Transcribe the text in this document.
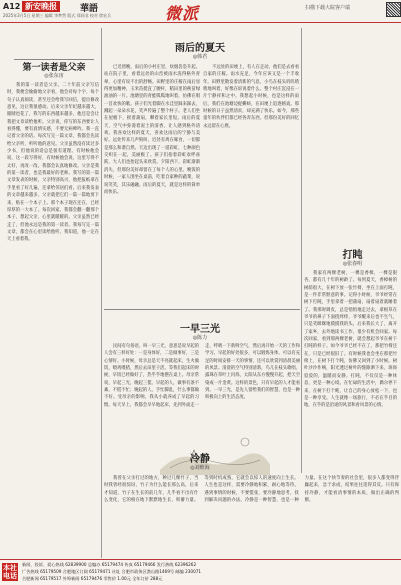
A12 新安晚报	華語
2025年3月5日 星期三 编辑 李梦然 版式 郑同非 校对 徐宏兵	微派	扫描下载大皖客户端
第一读者是父亲
◎张东宙
我的第一读者是父亲。二十年前父亲写信时，我便会偷偷地父亲看，他会对每个字、每个句子认真阅读，甚至还会给我写回信，提出修改意见，这让我很感动。后来父亲年纪越来越大，眼睛也花了，我写的东西越来越多，他还是会让我把文章读给他听。父亲说，你写的东西要让人看得懂，要有真情实感，不要无病呻吟。我一直记着父亲的话。每次写完一篇文章，我都会先读给父亲听，听听他的意见。父亲虽然没有读过多少书，但他说的话总是很有道理。有时候他会说，这一段写得好，有时候他会说，这里写得不太好，再改一改。我都会认真地修改。父亲是我的第一读者，也是我最好的老师。我写的第一篇文章发表的时候，父亲特别高兴，他把报纸拿在手里看了好几遍，还拿给邻居们看。后来我发表的文章越来越多，父亲就把它们一篇一篇地剪下来，贴在一个本子上。那个本子现在还在，已经厚厚的一大本了。每次回家，我都会翻一翻那个本子，想起父亲，心里就暖暖的。父亲虽然已经走了，但他永远是我的第一读者。我每写完一篇文章，都会在心里读给他听，我知道，他一定在天上看着我。
雨后的夏天
◎韩君
已近傍晚，雨后的小村庄里，炊烟袅袅升起。站在院子里，看着远处的山峦被雨水洗得格外青翠，心里有说不出的舒畅。田野里的庄稼在雨后显得更加精神，玉米苗挺直了腰杆，稻田里的秧苗绿油油的一片。池塘里的青蛙呱呱地叫着，仿佛在唱一首欢快的歌。孩子们光着脚在水洼里踩来踩去，溅起一朵朵水花，笑声传遍了整个村子。老人们坐在屋檐下，摇着蒲扇，聊着家长里短。雨后的夏天，空气中弥漫着泥土的清香，让人感到格外清爽。我喜欢这样的夏天，喜欢这雨后的宁静与美好。远处传来几声狗叫，近处有鸡在啄食，一切都是那么和谐自然。天边出现了一道彩虹，七种颜色交织在一起，美丽极了。孩子们指着彩虹欢呼雀跃，大人们也抬起头来欣赏。夕阳西下，彩虹渐渐消失，但那份美好却留在了每个人的心里。晚饭的时候，一家人围坐在桌前，吃着自家种的蔬菜，说说笑笑，其乐融融。雨后的夏天，就是这样的简单而快乐。
不远处的田埂上，有人在走动，他们是去看看自家的庄稼。雨水充足，今年应该又是一个丰收年。田野里散发着清新的气息，小鸟在枝头叽叽喳喳地叫着，好像在诉说着什么。整个村庄沉浸在一片宁静祥和之中。我想起小时候，也是这样的雨后，我们在池塘边捉蝌蚪，在田埂上追逐嬉戏。那时候的日子虽然清贫，却充满了快乐。如今，那些童年的伙伴们都已经各奔东西，但那份美好的回忆永远留在心底。
一早三光
◎陈力
民间有句俗语，叫一早三光，意思是说早起的人会有三样好处：一是身体好，二是做事好，三是心情好。小时候，母亲总是天不亮就起床，生火做饭，喂鸡喂猪，然后去田里干活。等我们起床的时候，早饭已经做好了，热乎乎地摆在桌上。母亲常说，早起三光，晚起三慌。早起的人，做事有条不紊，不慌不忙；晚起的人，手忙脚乱，什么事都做不好。受母亲的影响，我从小就养成了早起的习惯。每天早上，我都会早早地起床，先到外面走一走，呼吸一下新鲜空气，然后再开始一天的工作和学习。早起的好处很多，可以锻炼身体，可以有充足的时间安排一天的事情，还可以欣赏到清晨美丽的风景。清晨的空气特别清新，鸟儿在枝头歌唱，露珠在草叶上闪烁，太阳从东方慢慢升起，把天空染成一片金黄。这样的景色，只有早起的人才能看到。一早三光，是先人留给我们的智慧，也是一种积极向上的生活态度。
冷静
◎刘维海
我曾在父亲打过的地方，种过几棵竹子，当时我曾经很惊讶，竹子为什么能长那么高，后来才知道，竹子在生长的前几年，几乎看不出有什么变化，它的根在地下默默地生长，积蓄力量。等到时机成熟，它就会以惊人的速度向上生长。人生也是这样，需要冷静地积累，耐心地等待。遇到事情的时候，不要慌张，要冷静地思考，找到解决问题的办法。冷静是一种智慧，也是一种力量。在这个快节奏的社会里，很多人都变得浮躁起来，急于求成，结果往往适得其反。只有保持冷静，才能看清事情的本质，做出正确的判断。
打盹
◎张春明
我家有两棵老树，一棵是香樟，一棵是银杏，都有几十年的树龄了。每到夏天，香樟树的树荫很大，在树下放一张竹椅，坐在上面打盹，是一件非常惬意的事。记得小时候，爷爷经常在树下打盹，手里拿着一把蒲扇，扇着扇着就睡着了。我那时调皮，总是悄悄地走过去，拿根草在爷爷的鼻子下面挠痒痒，爷爷醒来后也不生气，只是笑眯眯地摸摸我的头。后来我长大了，离开了家乡，去外地读书工作，很少有机会回家。每次回家，看到那两棵老树，就会想起爷爷在树下打盹的样子。如今爷爷已经不在了，那把竹椅还在，只是已经很旧了。有时候我也会坐在那把竹椅上，在树下打个盹，仿佛又回到了小时候。树叶沙沙作响，阳光透过树叶的缝隙洒下来，斑斑驳驳的，温暖而安静。打盹，不仅仅是一种休息，更是一种心境。在忙碌的生活中，偶尔停下来，在树下打个盹，让自己的身心放松一下，也是一种享受。人生就像一场旅行，不必在乎目的地，在乎的是沿途的风景和看风景的心情。
本社 电话
新闻、投诉、爱心热线 62839900 总编办 65179474 传真 65179466 发行热线 62396262
广告热线 65179509 合肥地区订阅 65179471 社址 合肥市政务区潜山路1469号 邮编 230071
合肥新闻 65179517 外埠新闻 65179476 零售价 1.00元 全年订价 288元
